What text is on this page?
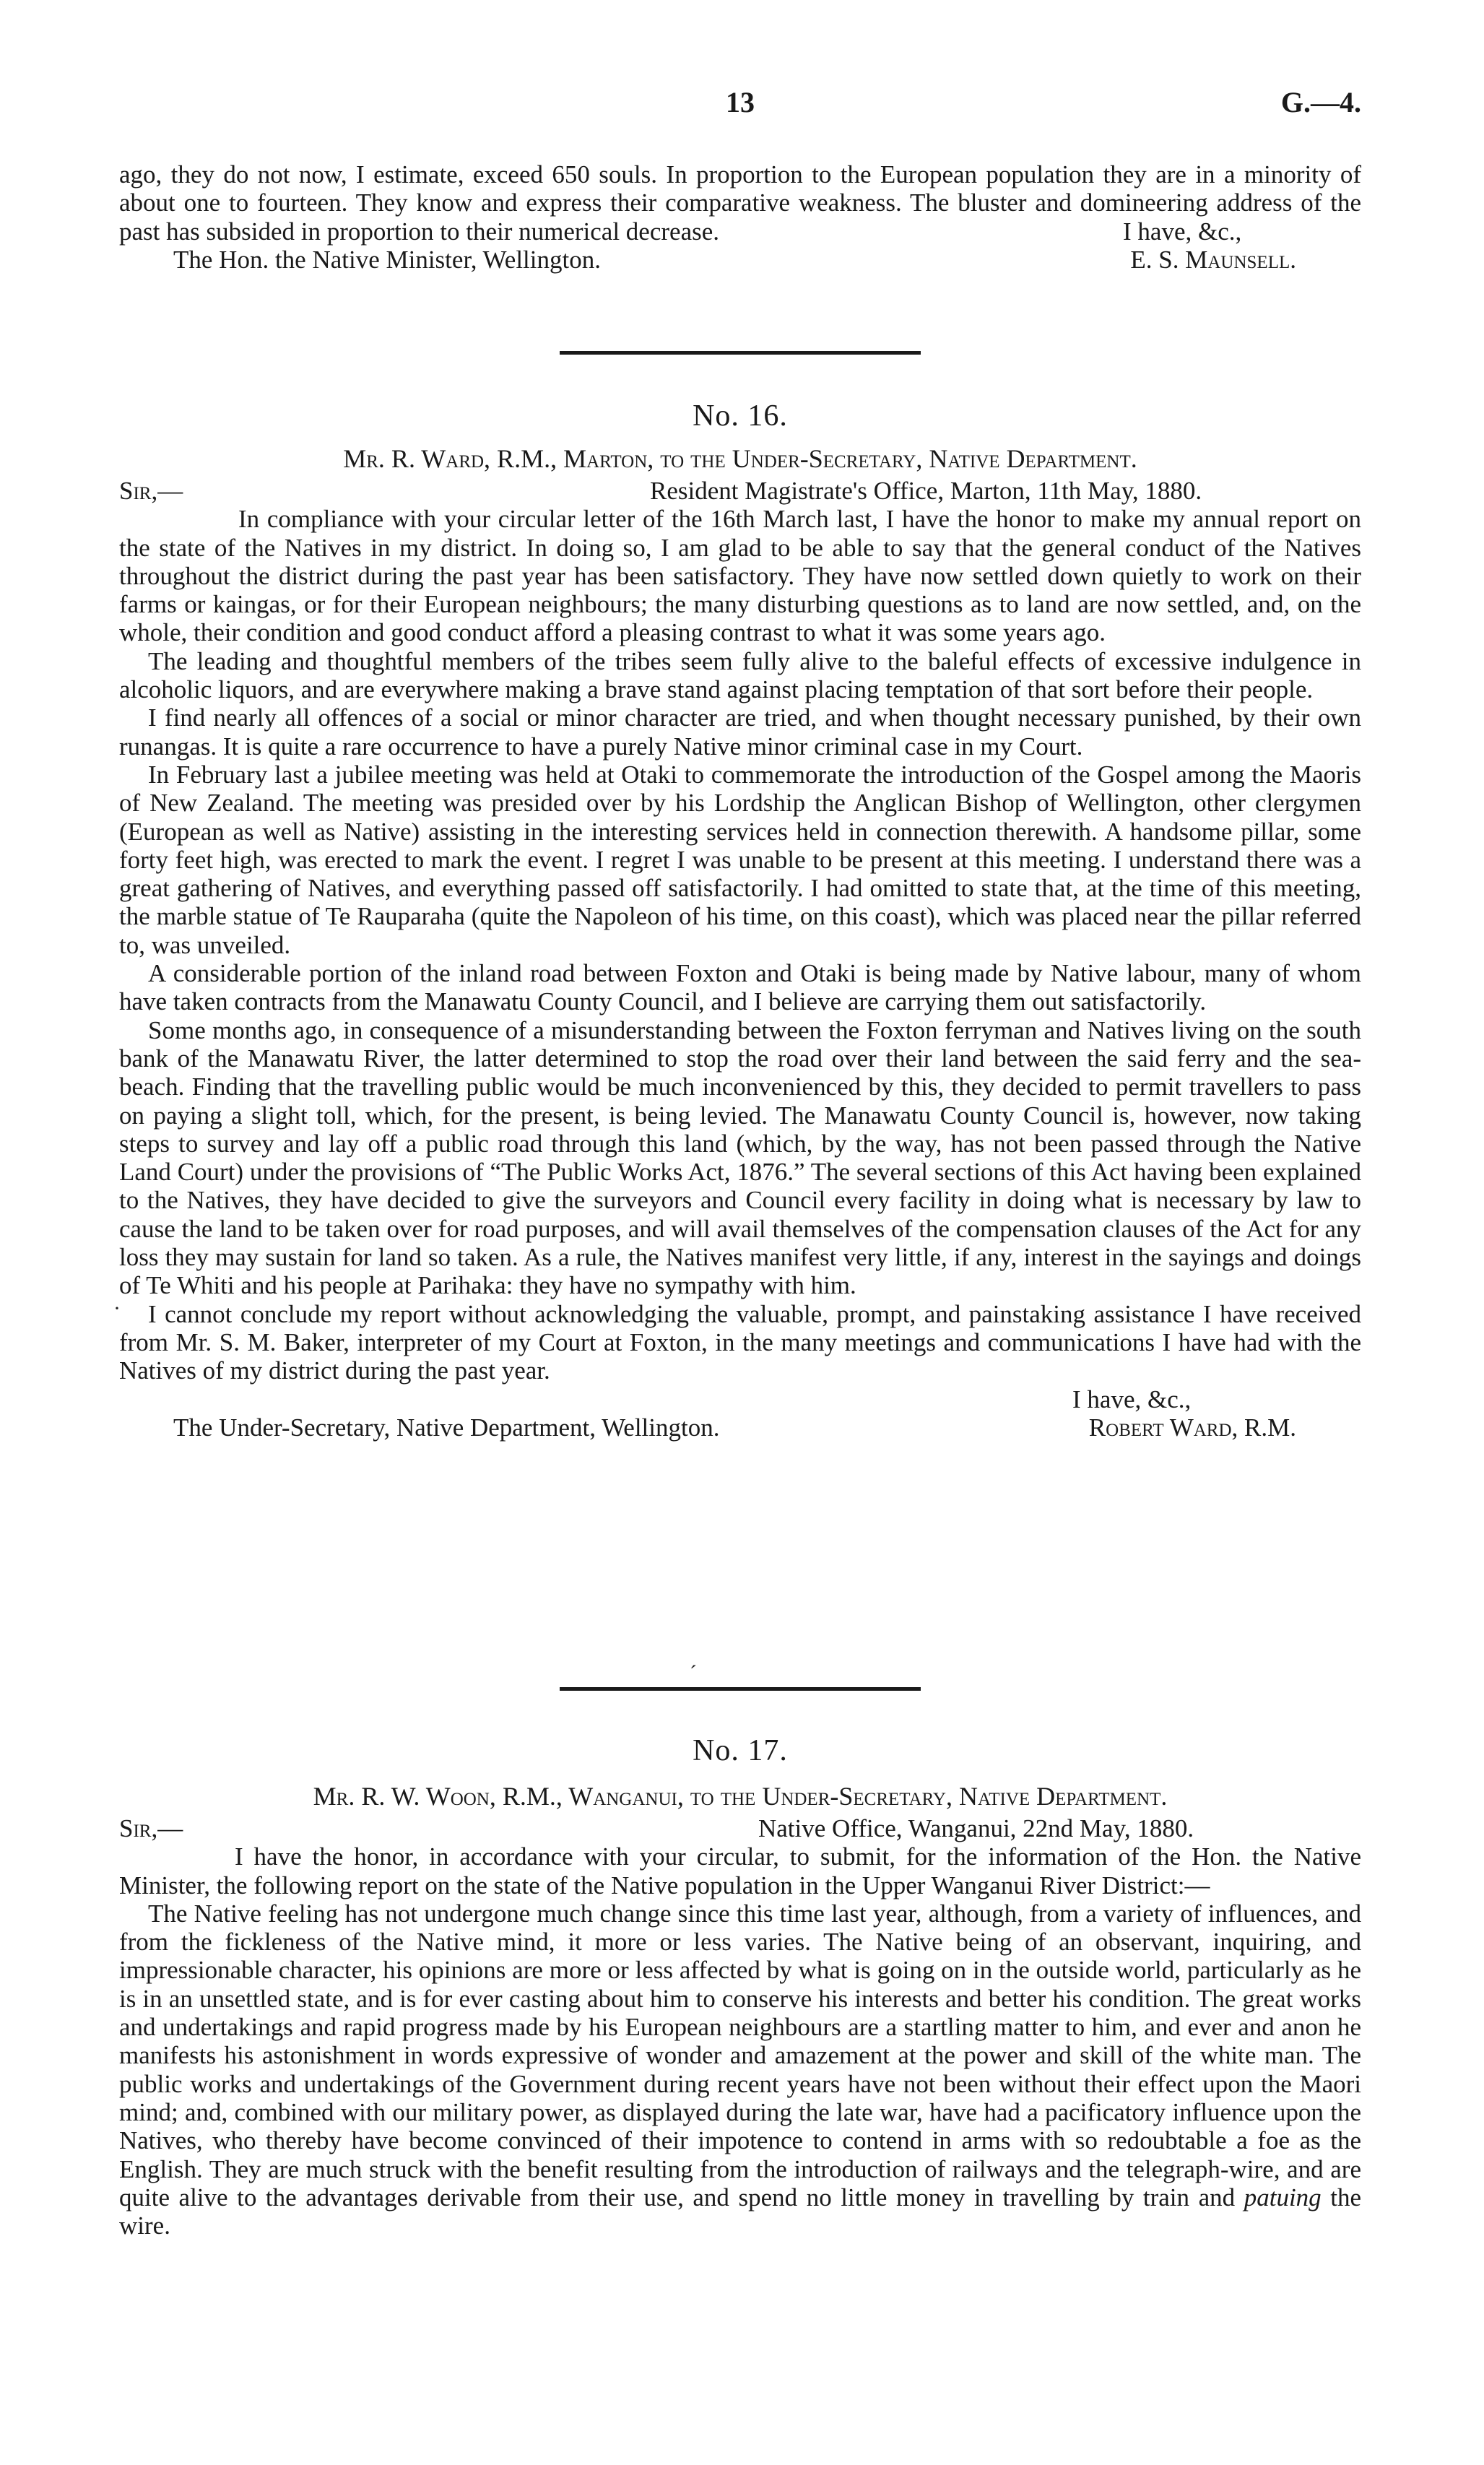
13	G.—4.

ago, they do not now, I estimate, exceed 650 souls. In proportion to the European population they are in a minority of about one to fourteen. They know and express their comparative weakness. The bluster and domineering address of the past has subsided in proportion to their numerical decrease.	I have, &c.,
The Hon. the Native Minister, Wellington.	E. S. Maunsell.
No. 16.
Mr. R. Ward, R.M., Marton, to the Under-Secretary, Native Department.
Sir,—	Resident Magistrate's Office, Marton, 11th May, 1880.

In compliance with your circular letter of the 16th March last, I have the honor to make my annual report on the state of the Natives in my district. In doing so, I am glad to be able to say that the general conduct of the Natives throughout the district during the past year has been satisfactory. They have now settled down quietly to work on their farms or kaingas, or for their European neighbours; the many disturbing questions as to land are now settled, and, on the whole, their condition and good conduct afford a pleasing contrast to what it was some years ago.

The leading and thoughtful members of the tribes seem fully alive to the baleful effects of excessive indulgence in alcoholic liquors, and are everywhere making a brave stand against placing temptation of that sort before their people.

I find nearly all offences of a social or minor character are tried, and when thought necessary punished, by their own runangas. It is quite a rare occurrence to have a purely Native minor criminal case in my Court.

In February last a jubilee meeting was held at Otaki to commemorate the introduction of the Gospel among the Maoris of New Zealand. The meeting was presided over by his Lordship the Anglican Bishop of Wellington, other clergymen (European as well as Native) assisting in the interesting services held in connection therewith. A handsome pillar, some forty feet high, was erected to mark the event. I regret I was unable to be present at this meeting. I understand there was a great gathering of Natives, and everything passed off satisfactorily. I had omitted to state that, at the time of this meeting, the marble statue of Te Rauparaha (quite the Napoleon of his time, on this coast), which was placed near the pillar referred to, was unveiled.

A considerable portion of the inland road between Foxton and Otaki is being made by Native labour, many of whom have taken contracts from the Manawatu County Council, and I believe are carrying them out satisfactorily.

Some months ago, in consequence of a misunderstanding between the Foxton ferryman and Natives living on the south bank of the Manawatu River, the latter determined to stop the road over their land between the said ferry and the sea-beach. Finding that the travelling public would be much inconvenienced by this, they decided to permit travellers to pass on paying a slight toll, which, for the present, is being levied. The Manawatu County Council is, however, now taking steps to survey and lay off a public road through this land (which, by the way, has not been passed through the Native Land Court) under the provisions of “The Public Works Act, 1876.” The several sections of this Act having been explained to the Natives, they have decided to give the surveyors and Council every facility in doing what is necessary by law to cause the land to be taken over for road purposes, and will avail themselves of the compensation clauses of the Act for any loss they may sustain for land so taken. As a rule, the Natives manifest very little, if any, interest in the sayings and doings of Te Whiti and his people at Parihaka: they have no sympathy with him.

I cannot conclude my report without acknowledging the valuable, prompt, and painstaking assistance I have received from Mr. S. M. Baker, interpreter of my Court at Foxton, in the many meetings and communications I have had with the Natives of my district during the past year.

I have, &c.,
The Under-Secretary, Native Department, Wellington.	Robert Ward, R.M.
ˊ
·
No. 17.
Mr. R. W. Woon, R.M., Wanganui, to the Under-Secretary, Native Department.
Sir,—	Native Office, Wanganui, 22nd May, 1880.

I have the honor, in accordance with your circular, to submit, for the information of the Hon. the Native Minister, the following report on the state of the Native population in the Upper Wanganui River District:—

The Native feeling has not undergone much change since this time last year, although, from a variety of influences, and from the fickleness of the Native mind, it more or less varies. The Native being of an observant, inquiring, and impressionable character, his opinions are more or less affected by what is going on in the outside world, particularly as he is in an unsettled state, and is for ever casting about him to conserve his interests and better his condition. The great works and undertakings and rapid progress made by his European neighbours are a startling matter to him, and ever and anon he manifests his astonishment in words expressive of wonder and amazement at the power and skill of the white man. The public works and undertakings of the Government during recent years have not been without their effect upon the Maori mind; and, combined with our military power, as displayed during the late war, have had a pacificatory influence upon the Natives, who thereby have become convinced of their impotence to contend in arms with so redoubtable a foe as the English. They are much struck with the benefit resulting from the introduction of railways and the telegraph-wire, and are quite alive to the advantages derivable from their use, and spend no little money in travelling by train and patuing the wire.
